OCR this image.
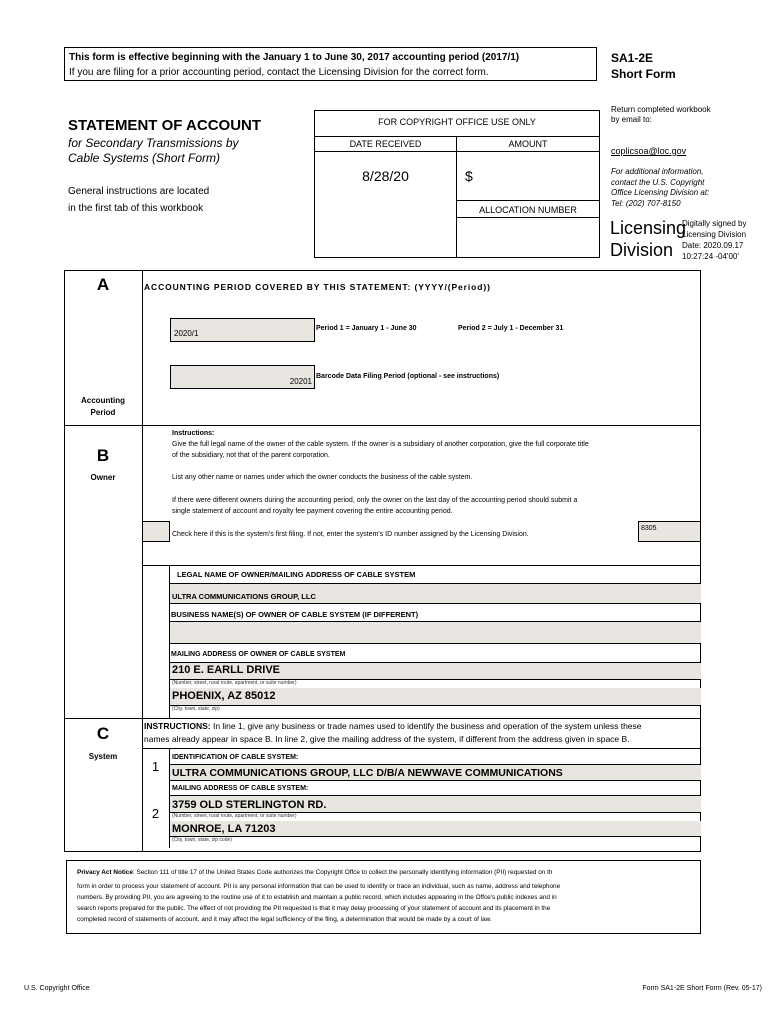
This form is effective beginning with the January 1 to June 30, 2017 accounting period (2017/1)
If you are filing for a prior accounting period, contact the Licensing Division for the correct form.
SA1-2E
Short Form
Return completed workbook by email to:
coplicsoa@loc.gov
For additional information, contact the U.S. Copyright Office Licensing Division at: Tel: (202) 707-8150
STATEMENT OF ACCOUNT
for Secondary Transmissions by
Cable Systems (Short Form)
General instructions are located
in the first tab of this workbook
FOR COPYRIGHT OFFICE USE ONLY
DATE RECEIVED	AMOUNT
8/28/20	$
ALLOCATION NUMBER
Licensing
Division
Digitally signed by
Licensing Division
Date: 2020.09.17
10:27:24 -04'00'
A
Accounting
Period
ACCOUNTING PERIOD COVERED BY THIS STATEMENT: (YYYY/(Period))
2020/1
Period 1 = January 1 - June 30	Period 2 = July 1 - December 31
20201
Barcode Data Filing Period (optional - see instructions)
B
Owner
Instructions:
Give the full legal name of the owner of the cable system. If the owner is a subsidiary of another corporation, give the full corporate title
of the subsidiary, not that of the parent corporation.
List any other name or names under which the owner conducts the business of the cable system.
If there were different owners during the accounting period, only the owner on the last day of the accounting period should submit a
single statement of account and royalty fee payment covering the entire accounting period.
Check here if this is the system's first filing. If not, enter the system's ID number assigned by the Licensing Division.
8305
LEGAL NAME OF OWNER/MAILING ADDRESS OF CABLE SYSTEM
ULTRA COMMUNICATIONS GROUP, LLC
BUSINESS NAME(S) OF OWNER OF CABLE SYSTEM (IF DIFFERENT)
MAILING ADDRESS OF OWNER OF CABLE SYSTEM
210 E. EARLL DRIVE
(Number, street, rural route, apartment, or suite number)
PHOENIX, AZ 85012
(City, town, state, zip)
C
System
INSTRUCTIONS: In line 1, give any business or trade names used to identify the business and operation of the system unless these
names already appear in space B. In line 2, give the mailing address of the system, if different from the address given in space B.
1
IDENTIFICATION OF CABLE SYSTEM:
ULTRA COMMUNICATIONS GROUP, LLC D/B/A NEWWAVE COMMUNICATIONS
MAILING ADDRESS OF CABLE SYSTEM:
2
3759 OLD STERLINGTON RD.
(Number, street, rural route, apartment, or suite number)
MONROE, LA 71203
(City, town, state, zip code)
Privacy Act Notice: Section 111 of title 17 of the United States Code authorizes the Copyright Offce to collect the personally identifying information (PII) requested on th
form in order to process your statement of account. PII is any personal information that can be used to identify or trace an individual, such as name, address and telephone
numbers. By providing PII, you are agreeing to the routine use of it to establish and maintain a public record, which includes appearing in the Offce's public indexes and in
search reports prepared for the public. The effect of not providing the PII requested is that it may delay processing of your statement of account and its placement in the
completed record of statements of account, and it may affect the legal sufficiency of the fling, a determination that would be made by a court of law.
U.S. Copyright Office	Form SA1-2E Short Form (Rev. 05-17)
